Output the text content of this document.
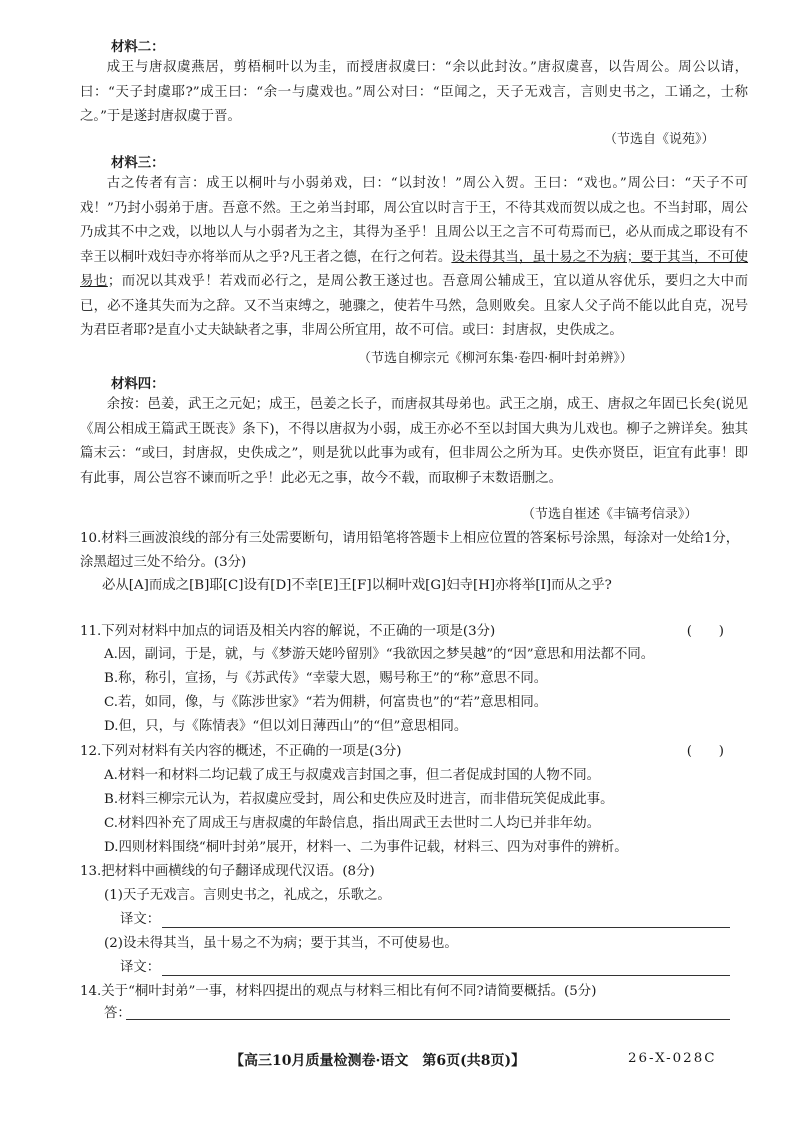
材料二：
成王与唐叔虞燕居，剪梧桐叶以为圭，而授唐叔虞曰：“余以此封汝。”唐叔虞喜，以告周公。周公以请，曰：“天子封虞耶?”成王曰：“余一与虞戏也。”周公对曰：“臣闻之，天子无戏言，言则史书之，工诵之，士称之。”于是遂封唐叔虞于晋。
（节选自《说苑》）
材料三：
古之传者有言：成王以桐叶与小弱弟戏，曰：“以封汝！”周公入贺。王曰：“戏也。”周公曰：“天子不可戏！”乃封小弱弟于唐。吾意不然。王之弟当封耶，周公宜以时言于王，不待其戏而贺以成之也。不当封耶，周公乃成其不中之戏，以地以人与小弱者为之主，其得为圣乎！且周公以王之言不可苟焉而已，必从而成之耶设有不幸王以桐叶戏妇寺亦将举而从之乎?凡王者之德，在行之何若。设未得其当，虽十易之不为病；要于其当，不可使易也；而况以其戏乎！若戏而必行之，是周公教王遂过也。吾意周公辅成王，宜以道从容优乐，要归之大中而已，必不逢其失而为之辞。又不当束缚之，驰骤之，使若牛马然，急则败矣。且家人父子尚不能以此自克，况号为君臣者耶?是直小丈夫缺缺者之事，非周公所宜用，故不可信。或曰：封唐叔，史佚成之。
（节选自柳宗元《柳河东集·卷四·桐叶封弟辨》）
材料四：
余按：邑姜，武王之元妃；成王，邑姜之长子，而唐叔其母弟也。武王之崩，成王、唐叔之年固已长矣(说见《周公相成王篇武王既丧》条下)，不得以唐叔为小弱，成王亦必不至以封国大典为儿戏也。柳子之辨详矣。独其篇末云：“或曰，封唐叔，史佚成之”，则是犹以此事为或有，但非周公之所为耳。史佚亦贤臣，讵宜有此事！即有此事，周公岂容不谏而听之乎！此必无之事，故今不载，而取柳子末数语删之。
（节选自崔述《丰镐考信录》）
10.材料三画波浪线的部分有三处需要断句，请用铅笔将答题卡上相应位置的答案标号涂黑，每涂对一处给1分，涂黑超过三处不给分。(3分)
必从[A]而成之[B]耶[C]设有[D]不幸[E]王[F]以桐叶戏[G]妇寺[H]亦将举[I]而从之乎?
11.下列对材料中加点的词语及相关内容的解说，不正确的一项是(3分)	(　　)
A.因，副词，于是，就，与《梦游天姥吟留别》“我欲因之梦吴越”的“因”意思和用法都不同。
B.称，称引，宣扬，与《苏武传》“幸蒙大恩，赐号称王”的“称”意思不同。
C.若，如同，像，与《陈涉世家》“若为佣耕，何富贵也”的“若”意思相同。
D.但，只，与《陈情表》“但以刘日薄西山”的“但”意思相同。
12.下列对材料有关内容的概述，不正确的一项是(3分)	(　　)
A.材料一和材料二均记载了成王与叔虞戏言封国之事，但二者促成封国的人物不同。
B.材料三柳宗元认为，若叔虞应受封，周公和史佚应及时进言，而非借玩笑促成此事。
C.材料四补充了周成王与唐叔虞的年龄信息，指出周武王去世时二人均已并非年幼。
D.四则材料围绕“桐叶封弟”展开，材料一、二为事件记载，材料三、四为对事件的辨析。
13.把材料中画横线的句子翻译成现代汉语。(8分)
(1)天子无戏言。言则史书之，礼成之，乐歌之。
译文：
(2)设未得其当，虽十易之不为病；要于其当，不可使易也。
译文：
14.关于“桐叶封弟”一事，材料四提出的观点与材料三相比有何不同?请简要概括。(5分)
答：
【高三10月质量检测卷·语文　第6页(共8页)】	26-X-028C
